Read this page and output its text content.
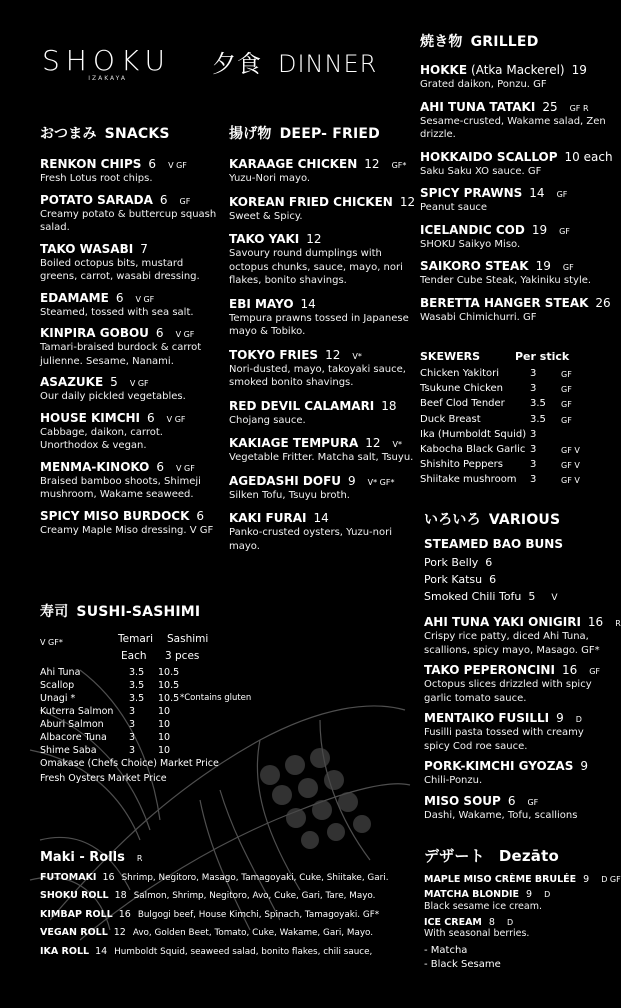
SHOKU
IZAKAYA
夕食 DINNER
おつまみ SNACKS
RENKON CHIPS 6 V GF
Fresh Lotus root chips.
POTATO SARADA 6 GF
Creamy potato & buttercup squash salad.
TAKO WASABI 7
Boiled octopus bits, mustard greens, carrot, wasabi dressing.
EDAMAME 6 V GF
Steamed, tossed with sea salt.
KINPIRA GOBOU 6 V GF
Tamari-braised burdock & carrot julienne. Sesame, Nanami.
ASAZUKE 5 V GF
Our daily pickled vegetables.
HOUSE KIMCHI 6 V GF
Cabbage, daikon, carrot. Unorthodox & vegan.
MENMA-KINOKO 6 V GF
Braised bamboo shoots, Shimeji mushroom, Wakame seaweed.
SPICY MISO BURDOCK 6
Creamy Maple Miso dressing. V GF
揚げ物 DEEP- FRIED
KARAAGE CHICKEN 12 GF*
Yuzu-Nori mayo.
KOREAN FRIED CHICKEN 12
Sweet & Spicy.
TAKO YAKI 12
Savoury round dumplings with octopus chunks, sauce, mayo, nori flakes, bonito shavings.
EBI MAYO 14
Tempura prawns tossed in Japanese mayo & Tobiko.
TOKYO FRIES 12 V*
Nori-dusted, mayo, takoyaki sauce, smoked bonito shavings.
RED DEVIL CALAMARI 18
Chojang sauce.
KAKIAGE TEMPURA 12 V*
Vegetable Fritter. Matcha salt, Tsuyu.
AGEDASHI DOFU 9 V* GF*
Silken Tofu, Tsuyu broth.
KAKI FURAI 14
Panko-crusted oysters, Yuzu-nori mayo.
焼き物 GRILLED
HOKKE (Atka Mackerel) 19
Grated daikon, Ponzu. GF
AHI TUNA TATAKI 25 GF R
Sesame-crusted, Wakame salad, Zen drizzle.
HOKKAIDO SCALLOP 10 each
Saku Saku XO sauce. GF
SPICY PRAWNS 14 GF
Peanut sauce
ICELANDIC COD 19 GF
SHOKU Saikyo Miso.
SAIKORO STEAK 19 GF
Tender Cube Steak, Yakiniku style.
BERETTA HANGER STEAK 26
Wasabi Chimichurri. GF
SKEWERS	Per stick
Chicken Yakitori	3	GF
Tsukune Chicken	3	GF
Beef Clod Tender	3.5 GF
Duck Breast	3.5 GF
Ika (Humboldt Squid) 3
Kabocha Black Garlic 3	GF V
Shishito Peppers	3	GF V
Shiitake mushroom 3	GF V
いろいろ VARIOUS
STEAMED BAO BUNS
Pork Belly 6
Pork Katsu 6
Smoked Chili Tofu 5 V
AHI TUNA YAKI ONIGIRI 16 R
Crispy rice patty, diced Ahi Tuna, scallions, spicy mayo, Masago. GF*
TAKO PEPERONCINI 16 GF
Octopus slices drizzled with spicy garlic tomato sauce.
MENTAIKO FUSILLI 9 D
Fusilli pasta tossed with creamy spicy Cod roe sauce.
PORK-KIMCHI GYOZAS 9
Chili-Ponzu.
MISO SOUP 6 GF
Dashi, Wakame, Tofu, scallions
寿司 SUSHI-SASHIMI
V GF*	Temari Sashimi
Each 3 pces
Ahi Tuna	3.5 10.5
Scallop	3.5 10.5
Unagi *	3.5 10.5 *Contains gluten
Kuterra Salmon 3 10
Aburi Salmon	3 10
Albacore Tuna 3 10
Shime Saba	3 10
Omakase (Chefs Choice) Market Price
Fresh Oysters Market Price
Maki - Rolls R
FUTOMAKI 16 Shrimp, Negitoro, Masago, Tamagoyaki, Cuke, Shiitake, Gari.
SHOKU ROLL 18 Salmon, Shrimp, Negitoro, Avo, Cuke, Gari, Tare, Mayo.
KIMBAP ROLL 16 Bulgogi beef, House Kimchi, Spinach, Tamagoyaki. GF*
VEGAN ROLL 12 Avo, Golden Beet, Tomato, Cuke, Wakame, Gari, Mayo.
IKA ROLL 14 Humboldt Squid, seaweed salad, bonito flakes, chili sauce,
デザート Dezāto
MAPLE MISO CRÈME BRULÉE 9 D GF
MATCHA BLONDIE 9 D
Black sesame ice cream.
ICE CREAM 8 D
With seasonal berries.
- Matcha
- Black Sesame
